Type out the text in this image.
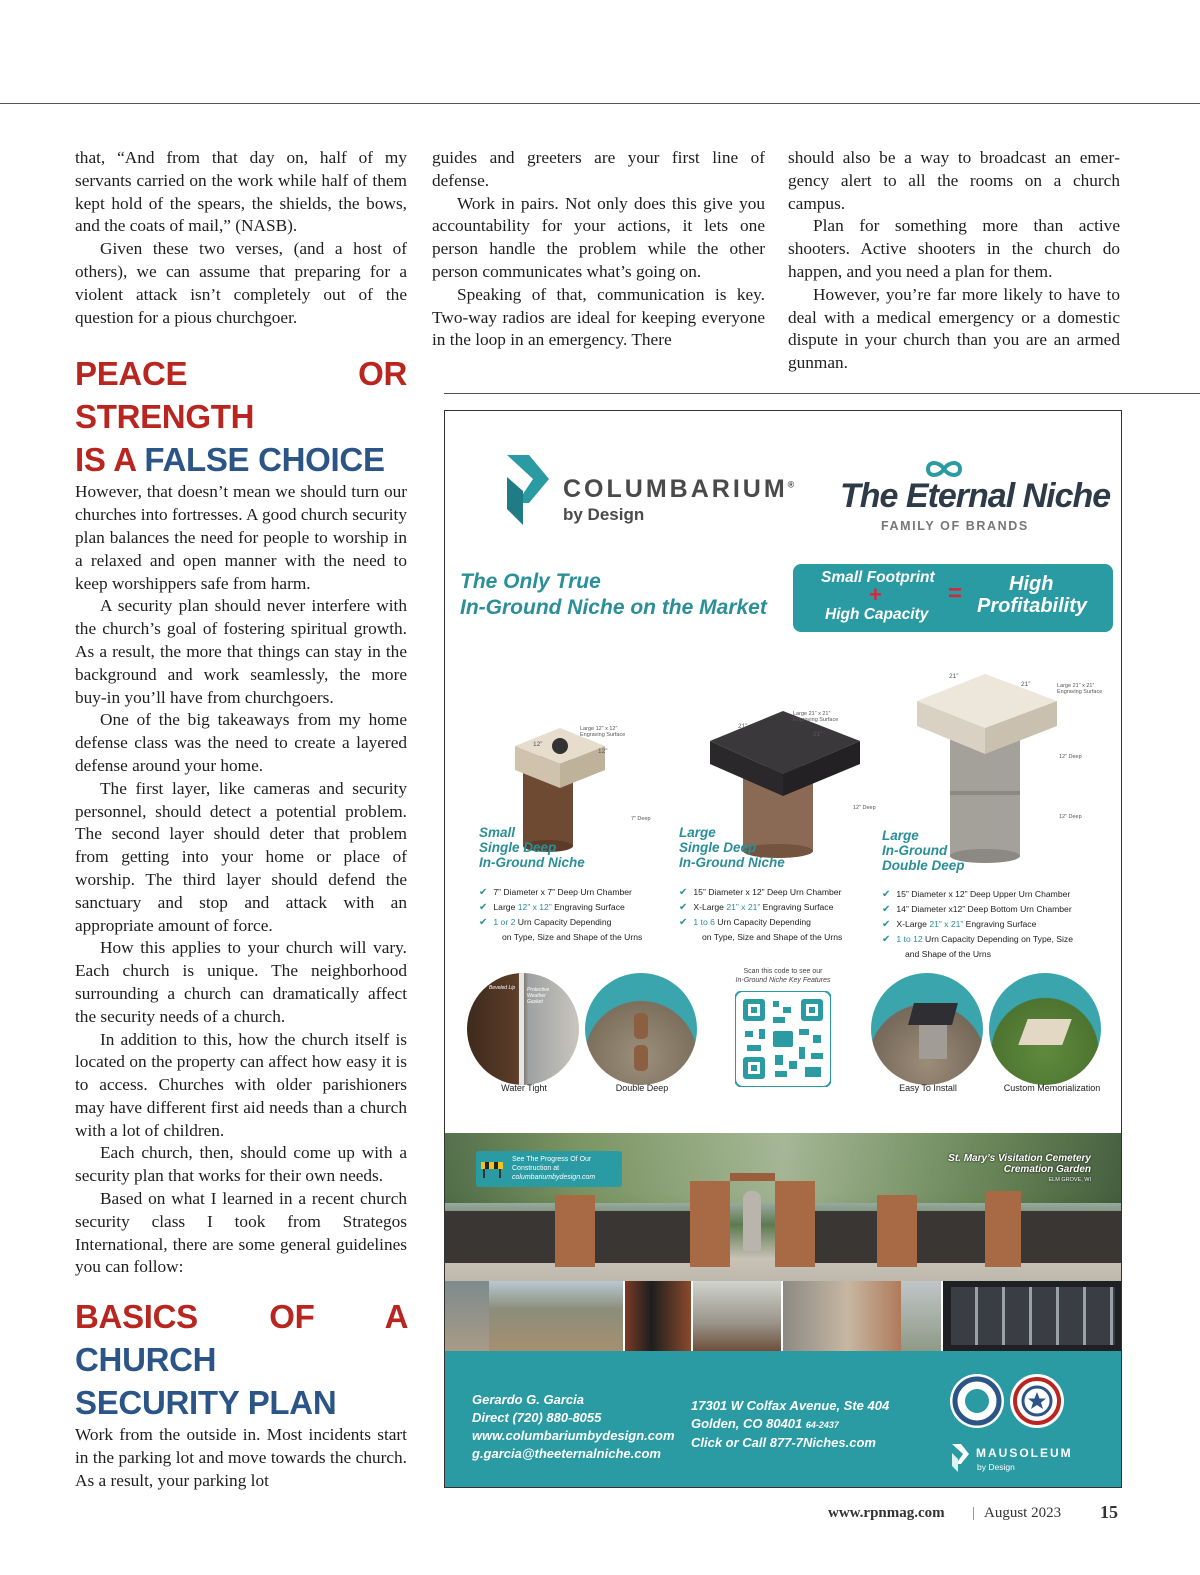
that, “And from that day on, half of my servants carried on the work while half of them kept hold of the spears, the shields, the bows, and the coats of mail,” (NASB).

Given these two verses, (and a host of others), we can assume that preparing for a violent attack isn’t completely out of the question for a pious churchgoer.

PEACE OR STRENGTH
IS A FALSE CHOICE

However, that doesn’t mean we should turn our churches into fortresses. A good church security plan balances the need for people to worship in a relaxed and open manner with the need to keep worshippers safe from harm.

A security plan should never interfere with the church’s goal of fostering spiritual growth. As a result, the more that things can stay in the background and work seamlessly, the more buy-in you’ll have from churchgoers.

One of the big takeaways from my home defense class was the need to create a layered defense around your home.

The first layer, like cameras and security personnel, should detect a potential problem. The second layer should deter that problem from getting into your home or place of worship. The third layer should defend the sanctuary and stop and attack with an appropriate amount of force.

How this applies to your church will vary. Each church is unique. The neighborhood surrounding a church can dramatically affect the security needs of a church.

In addition to this, how the church itself is located on the property can affect how easy it is to access. Churches with older parishioners may have different first aid needs than a church with a lot of children.

Each church, then, should come up with a security plan that works for their own needs.

Based on what I learned in a recent church security class I took from Strategos International, there are some general guidelines you can follow:

BASICS OF A CHURCH
SECURITY PLAN

Work from the outside in. Most incidents start in the parking lot and move towards the church. As a result, your parking lot

guides and greeters are your first line of defense.

Work in pairs. Not only does this give you accountability for your actions, it lets one person handle the problem while the other person communicates what’s going on.

Speaking of that, communication is key. Two-way radios are ideal for keeping everyone in the loop in an emergency. There

should also be a way to broadcast an emergency alert to all the rooms on a church campus.

Plan for something more than active shooters. Active shooters in the church do happen, and you need a plan for them.

However, you’re far more likely to have to deal with a medical emergency or a domestic dispute in your church than you are an armed gunman.

COLUMBARIUM®
by Design	The Eternal Niche
FAMILY OF BRANDS
The Only True
In-Ground Niche on the Market
Small Footprint
+
High Capacity
= High
Profitability
Large 12” x 12” Engraving Surface
12”
12”
7” Deep
Large 21” x 21” Engraving Surface
21”
21”
12” Deep
21”
21”	Large 21” x 21” Engraving Surface
12” Deep
12” Deep
Small
Single Deep
In-Ground Niche
Large
Single Deep
In-Ground Niche
Large
In-Ground
Double Deep
✔ 7” Diameter x 7” Deep Urn Chamber
✔ Large 12” x 12” Engraving Surface
✔ 1 or 2 Urn Capacity Depending
on Type, Size and Shape of the Urns
✔ 15” Diameter x 12” Deep Urn Chamber
✔ X-Large 21” x 21” Engraving Surface
✔ 1 to 6 Urn Capacity Depending
on Type, Size and Shape of the Urns
✔ 15” Diameter x 12” Deep Upper Urn Chamber
✔ 14” Diameter x12” Deep Bottom Urn Chamber
✔ X-Large 21” x 21” Engraving Surface
✔ 1 to 12 Urn Capacity Depending on Type, Size
and Shape of the Urns
Beveled Lip Protective Weather Gasket
Water Tight	Double Deep	Easy To Install	Custom Memorialization
Scan this code to see our
In-Ground Niche Key Features
See The Progress Of Our
Construction at
columbariumbydesign.com
St. Mary’s Visitation Cemetery
Cremation Garden
ELM GROVE, WI
Gerardo G. Garcia
Direct (720) 880-8055
www.columbariumbydesign.com
g.garcia@theeternalniche.com
17301 W Colfax Avenue, Ste 404
Golden, CO 80401 64-2437
Click or Call 877-7Niches.com
MAUSOLEUM
by Design
www.rpnmag.com | August 2023 15
